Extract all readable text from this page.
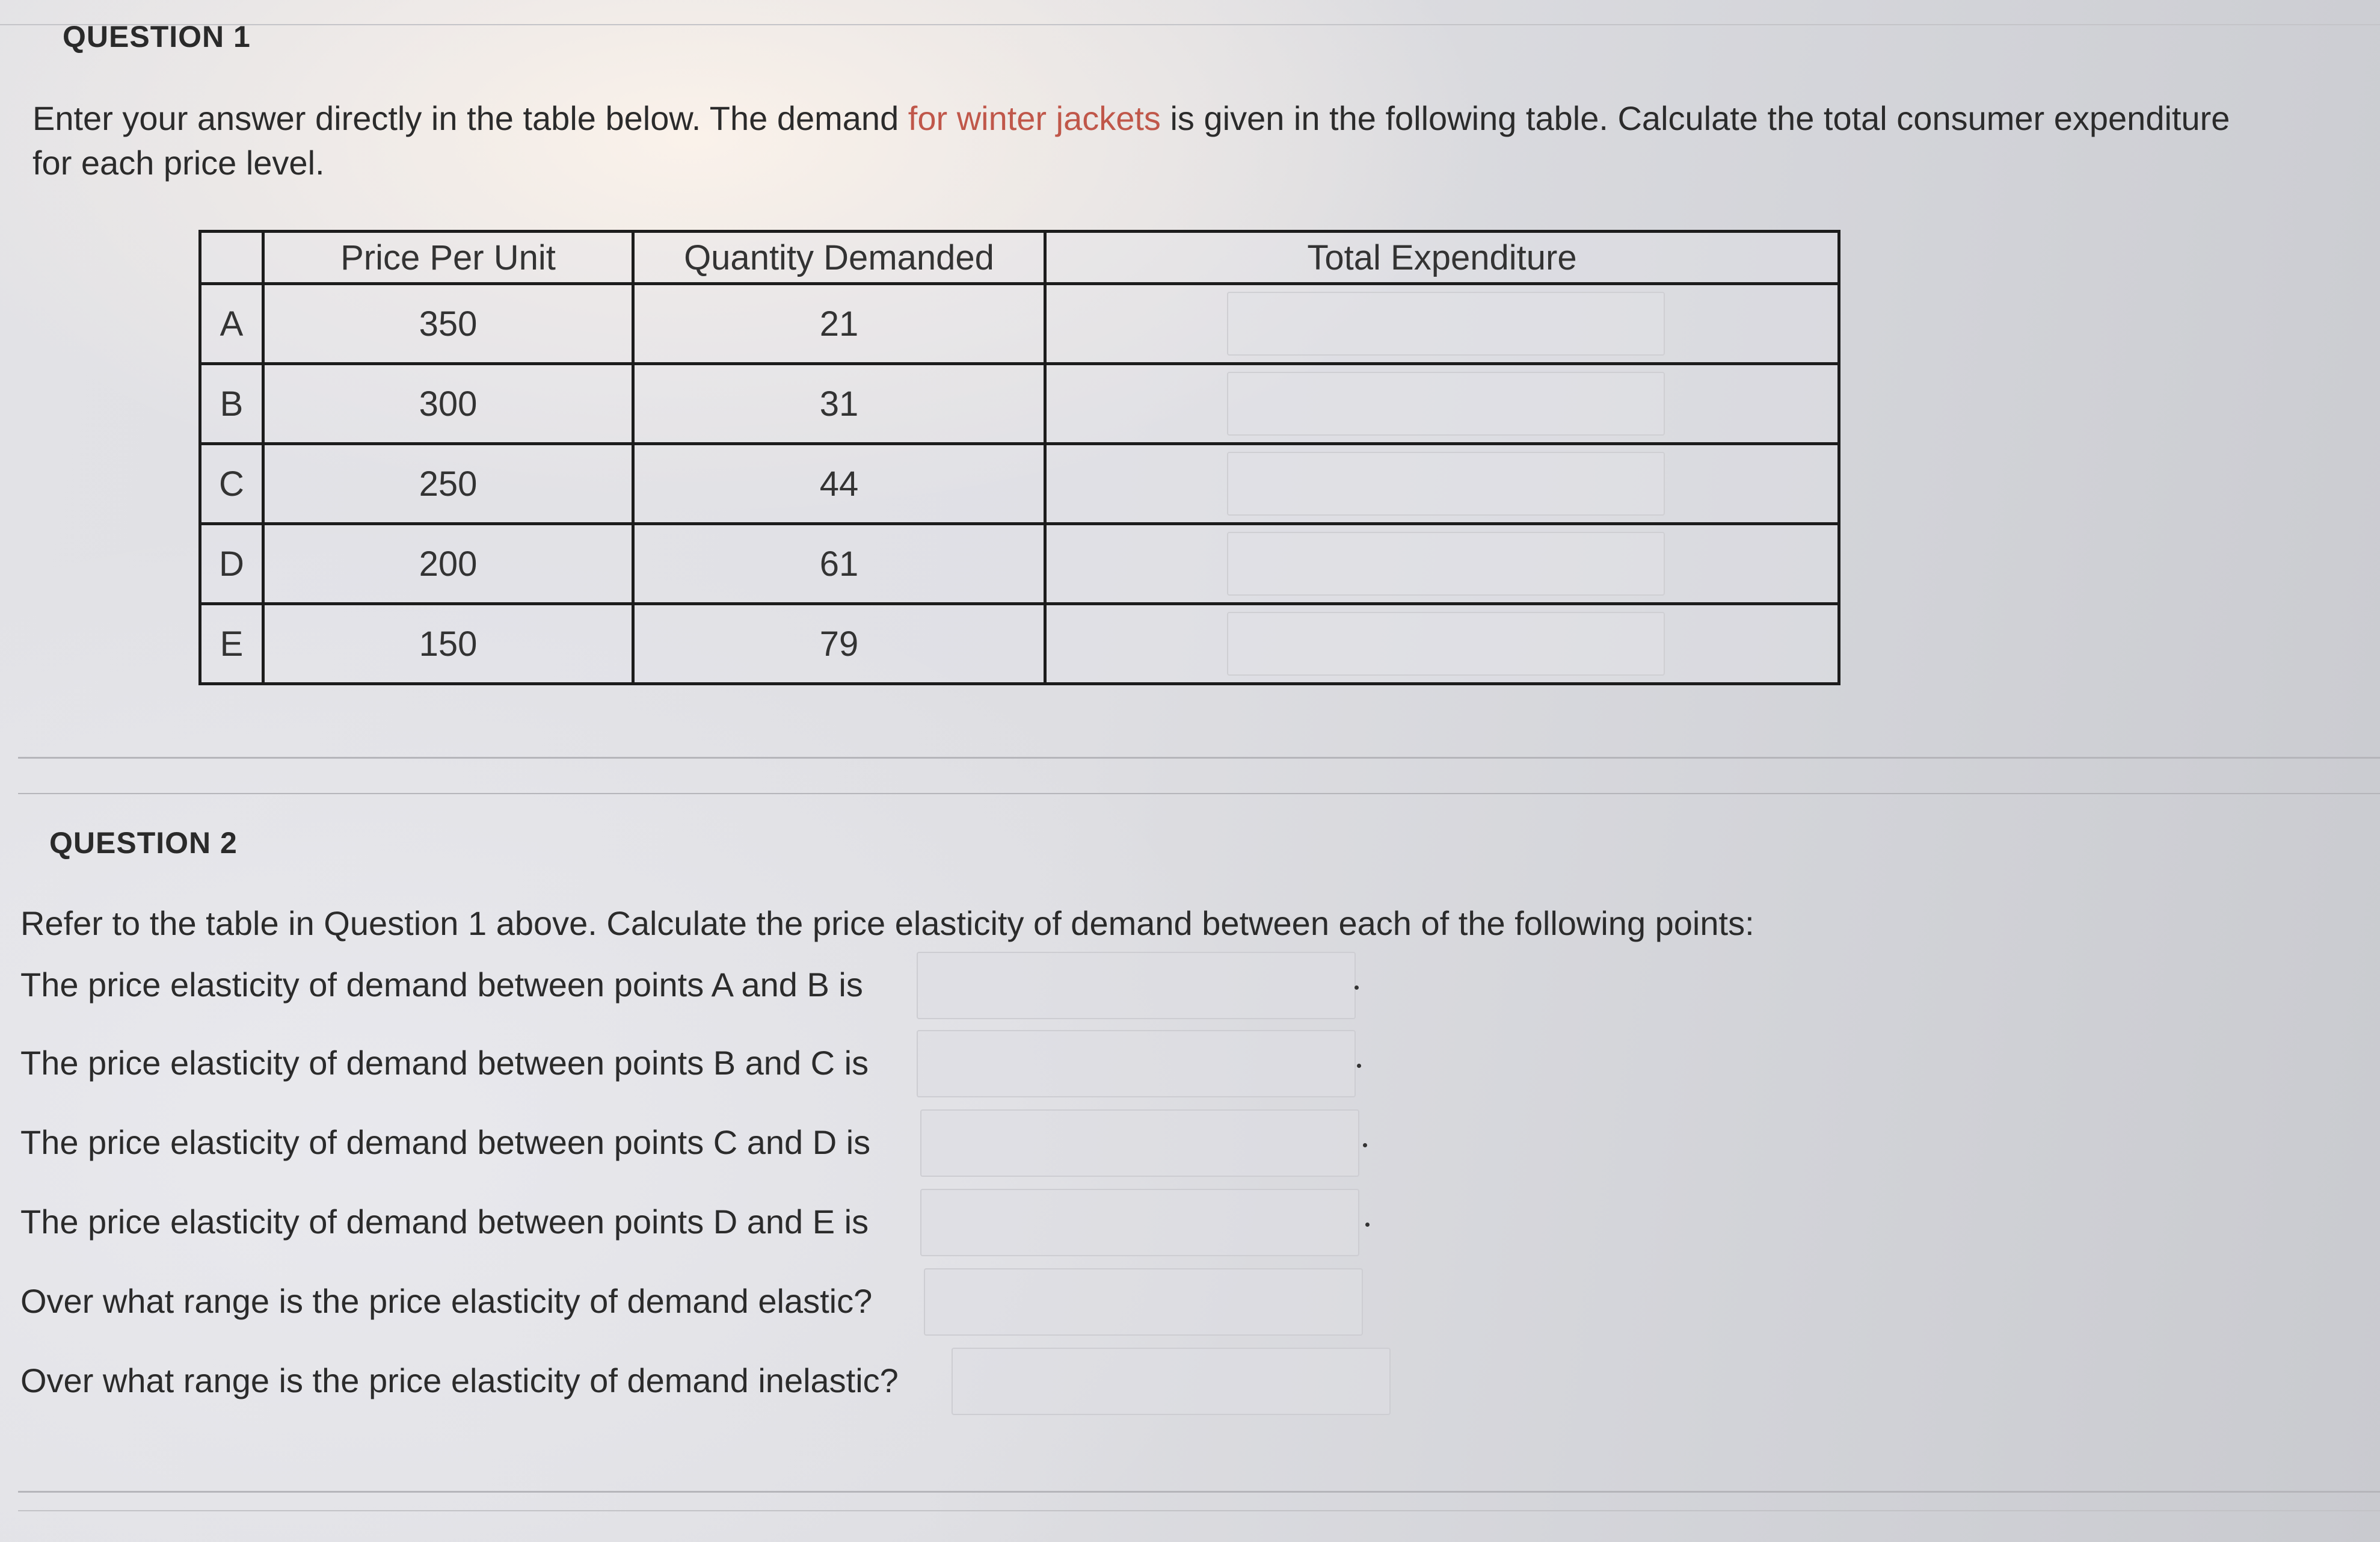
QUESTION 1
Enter your answer directly in the table below. The demand for winter jackets is given in the following table. Calculate the total consumer expenditure
for each price level.
	Price Per Unit	Quantity Demanded	Total Expenditure
A	350	21	

B	300	31	

C	250	44	

D	200	61	

E	150	79	
QUESTION 2
Refer to the table in Question 1 above. Calculate the price elasticity of demand between each of the following points:
The price elasticity of demand between points A and B is
The price elasticity of demand between points B and C is
The price elasticity of demand between points C and D is
The price elasticity of demand between points D and E is
Over what range is the price elasticity of demand elastic?
Over what range is the price elasticity of demand inelastic?
